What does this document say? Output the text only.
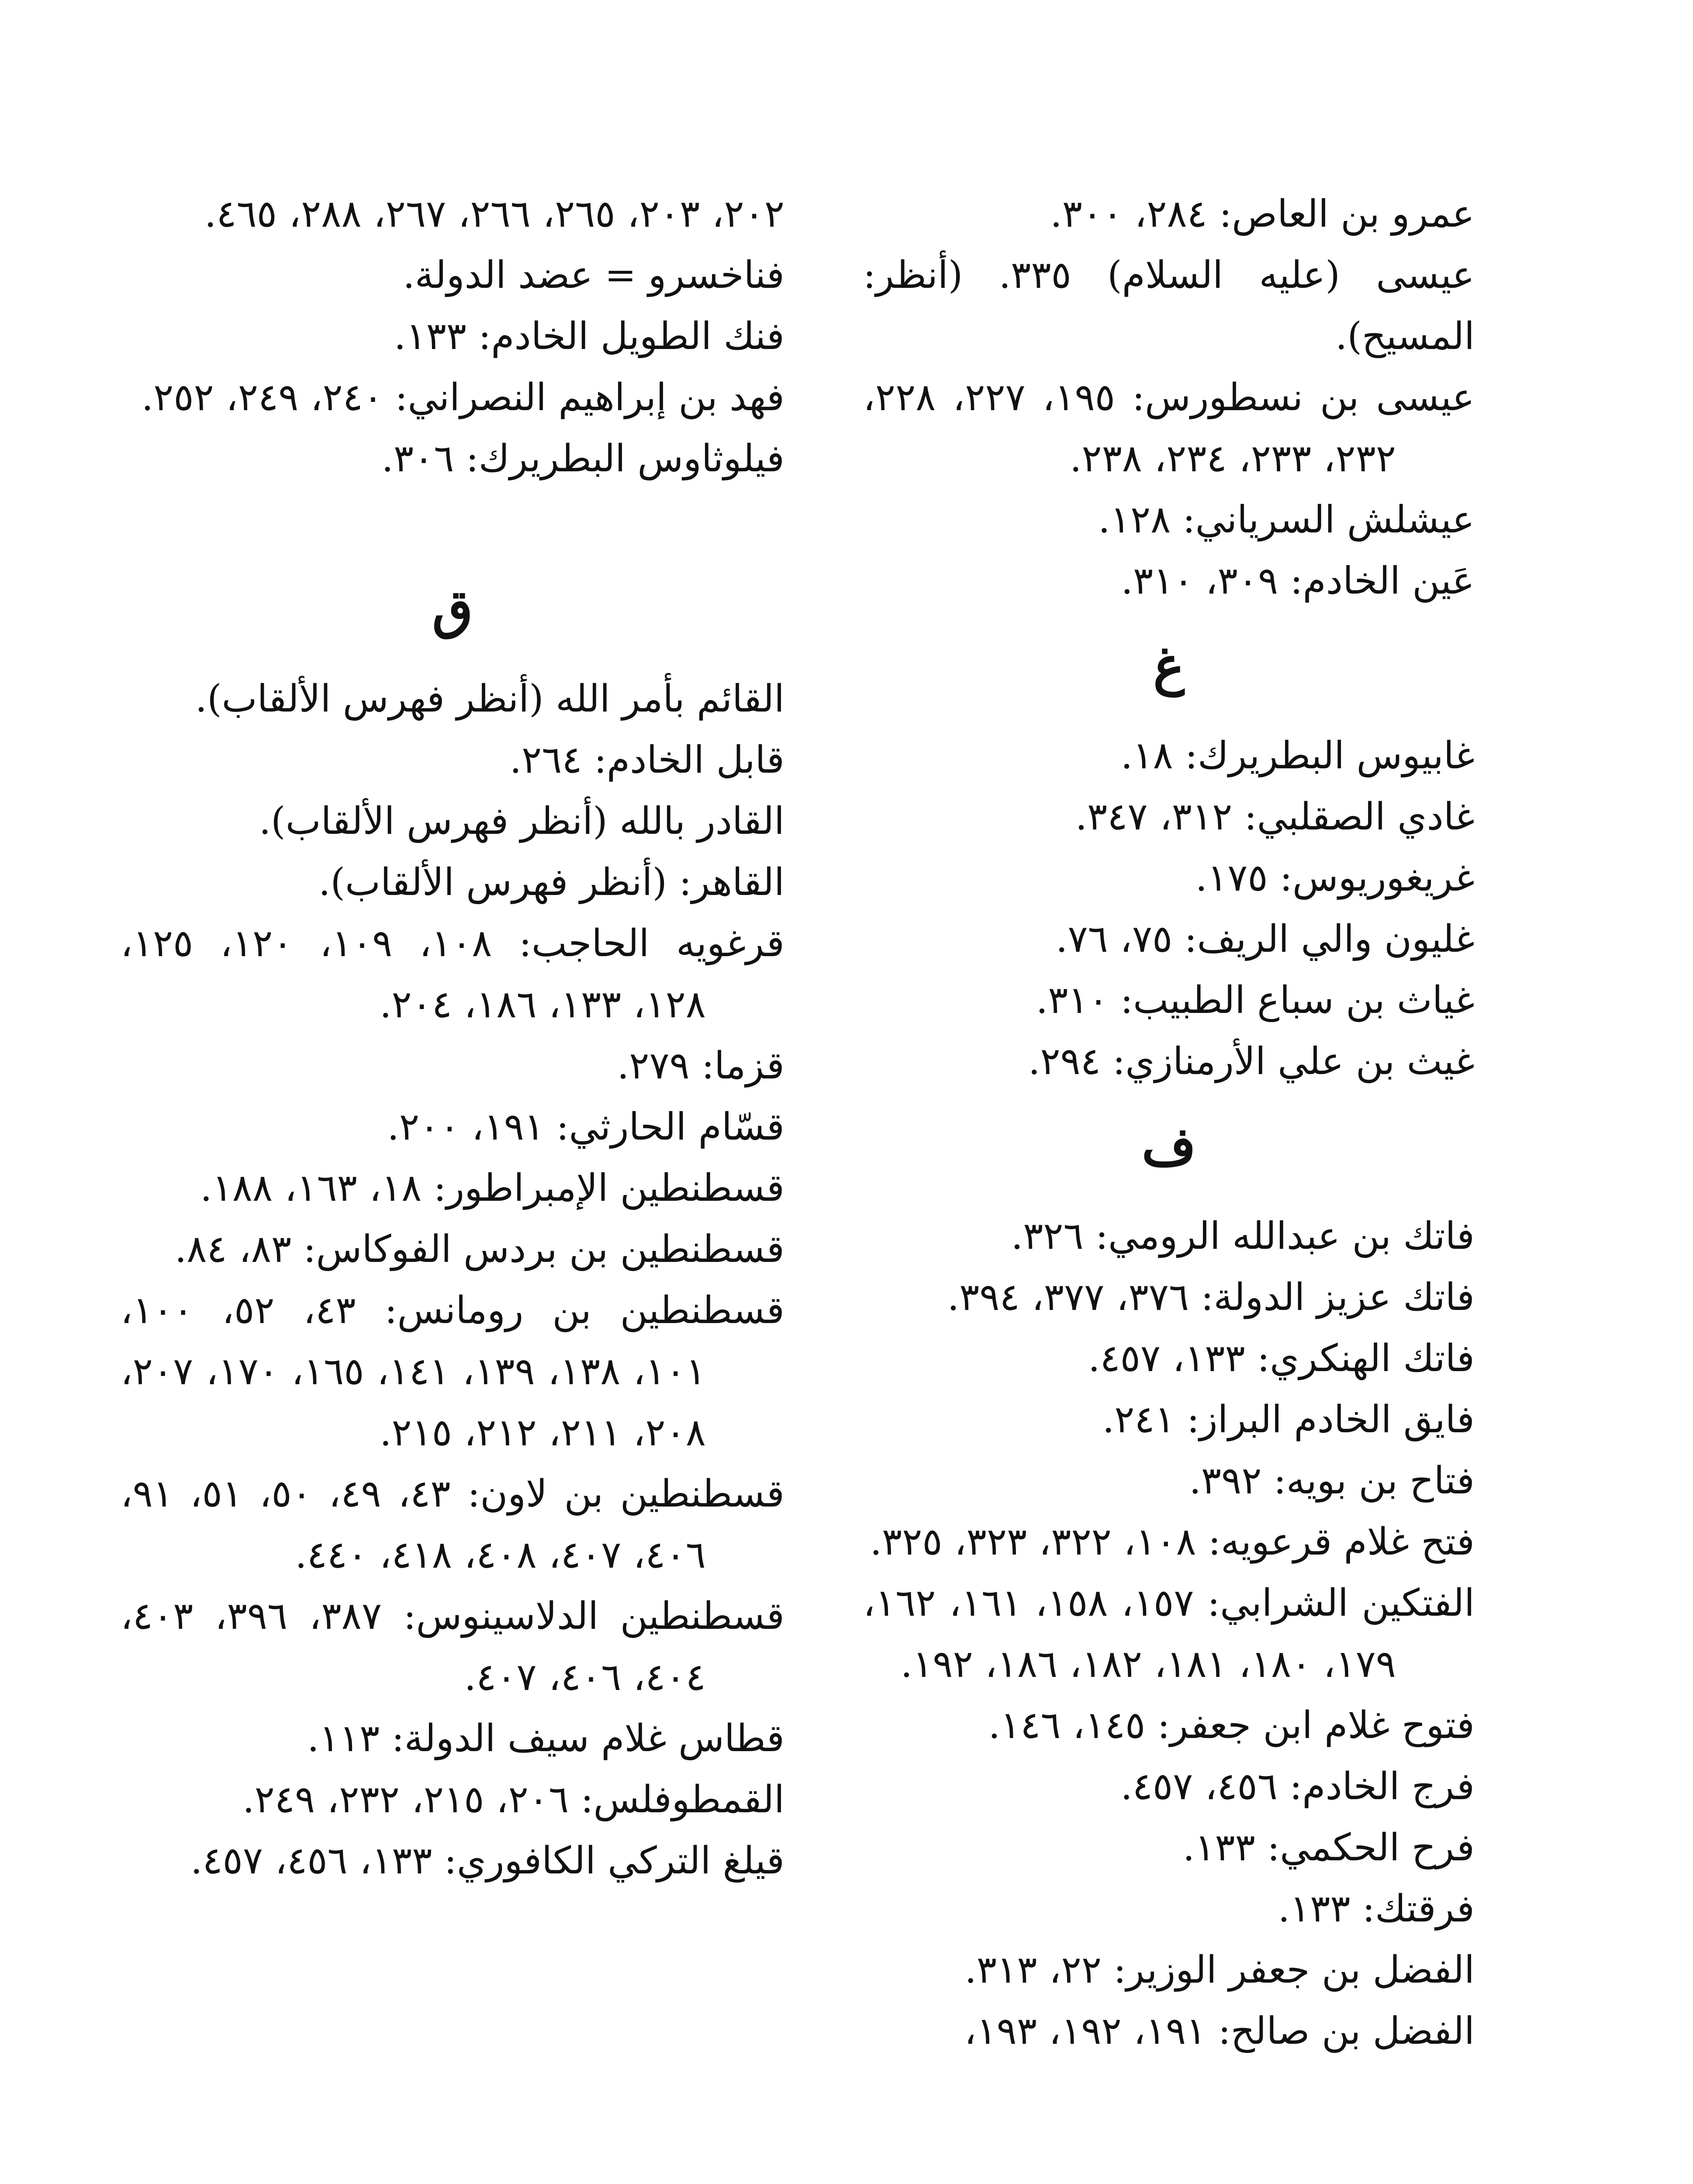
عمرو بن العاص: ٢٨٤، ٣٠٠.
عيسى (عليه السلام) ٣٣٥. (أنظر: المسيح).
عيسى بن نسطورس: ١٩٥، ٢٢٧، ٢٢٨، ٢٣٢، ٢٣٣، ٢٣٤، ٢٣٨.
عيشلش السرياني: ١٢٨.
عَين الخادم: ٣٠٩، ٣١٠.
غ
غابيوس البطريرك: ١٨.
غادي الصقلبي: ٣١٢، ٣٤٧.
غريغوريوس: ١٧٥.
غليون والي الريف: ٧٥، ٧٦.
غياث بن سباع الطبيب: ٣١٠.
غيث بن علي الأرمنازي: ٢٩٤.
ف
فاتك بن عبدالله الرومي: ٣٢٦.
فاتك عزيز الدولة: ٣٧٦، ٣٧٧، ٣٩٤.
فاتك الهنكري: ١٣٣، ٤٥٧.
فايق الخادم البراز: ٢٤١.
فتاح بن بويه: ٣٩٢.
فتح غلام قرعويه: ١٠٨، ٣٢٢، ٣٢٣، ٣٢٥.
الفتكين الشرابي: ١٥٧، ١٥٨، ١٦١، ١٦٢، ١٧٩، ١٨٠، ١٨١، ١٨٢، ١٨٦، ١٩٢.
فتوح غلام ابن جعفر: ١٤٥، ١٤٦.
فرج الخادم: ٤٥٦، ٤٥٧.
فرح الحكمي: ١٣٣.
فرقتك: ١٣٣.
الفضل بن جعفر الوزير: ٢٢، ٣١٣.
الفضل بن صالح: ١٩١، ١٩٢، ١٩٣،
٢٠٢، ٢٠٣، ٢٦٥، ٢٦٦، ٢٦٧، ٢٨٨، ٤٦٥.
فناخسرو = عضد الدولة.
فنك الطويل الخادم: ١٣٣.
فهد بن إبراهيم النصراني: ٢٤٠، ٢٤٩، ٢٥٢.
فيلوثاوس البطريرك: ٣٠٦.
ق
القائم بأمر الله (أنظر فهرس الألقاب).
قابل الخادم: ٢٦٤.
القادر بالله (أنظر فهرس الألقاب).
القاهر: (أنظر فهرس الألقاب).
قرغويه الحاجب: ١٠٨، ١٠٩، ١٢٠، ١٢٥، ١٢٨، ١٣٣، ١٨٦، ٢٠٤.
قزما: ٢٧٩.
قسّام الحارثي: ١٩١، ٢٠٠.
قسطنطين الإمبراطور: ١٨، ١٦٣، ١٨٨.
قسطنطين بن بردس الفوكاس: ٨٣، ٨٤.
قسطنطين بن رومانس: ٤٣، ٥٢، ١٠٠، ١٠١، ١٣٨، ١٣٩، ١٤١، ١٦٥، ١٧٠، ٢٠٧، ٢٠٨، ٢١١، ٢١٢، ٢١٥.
قسطنطين بن لاون: ٤٣، ٤٩، ٥٠، ٥١، ٩١، ٤٠٦، ٤٠٧، ٤٠٨، ٤١٨، ٤٤٠.
قسطنطين الدلاسينوس: ٣٨٧، ٣٩٦، ٤٠٣، ٤٠٤، ٤٠٦، ٤٠٧.
قطاس غلام سيف الدولة: ١١٣.
القمطوفلس: ٢٠٦، ٢١٥، ٢٣٢، ٢٤٩.
قيلغ التركي الكافوري: ١٣٣، ٤٥٦، ٤٥٧.
